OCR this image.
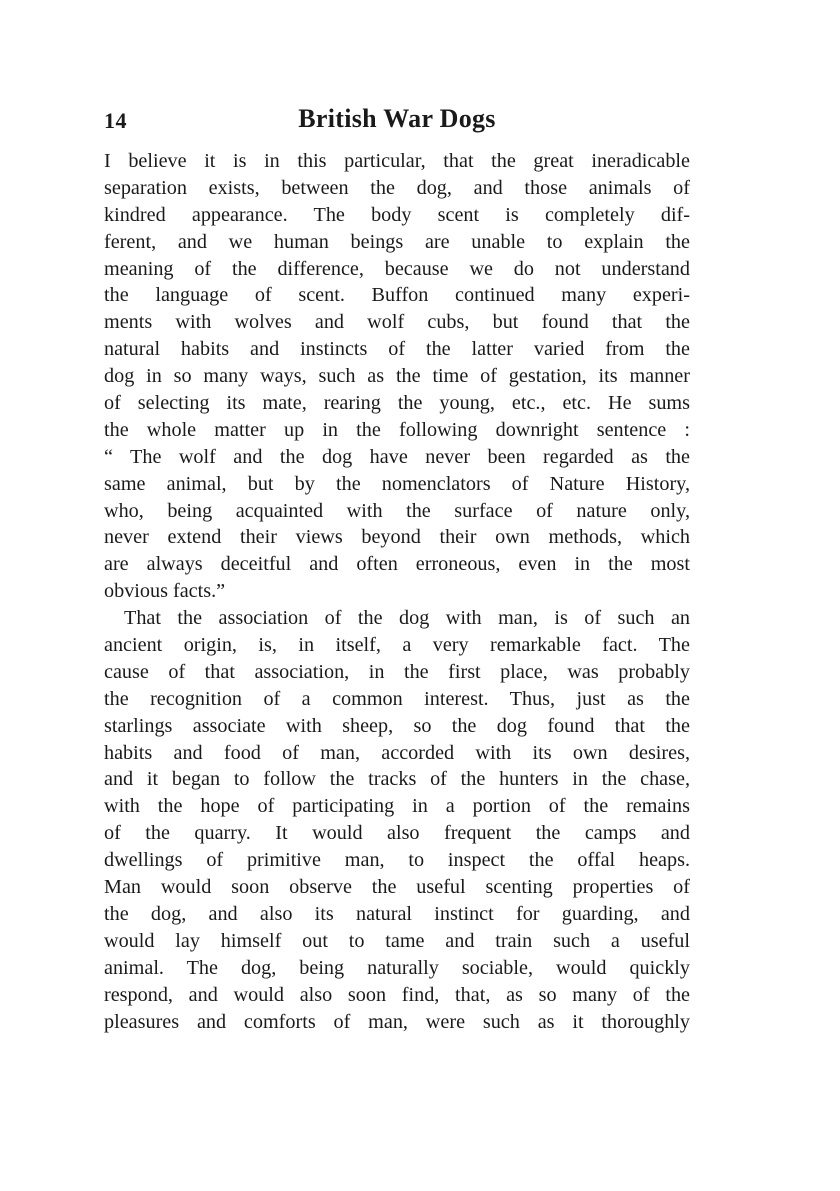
14	British War Dogs
I believe it is in this particular, that the great ineradicable
separation exists, between the dog, and those animals of
kindred appearance. The body scent is completely dif-
ferent, and we human beings are unable to explain the
meaning of the difference, because we do not understand
the language of scent. Buffon continued many experi-
ments with wolves and wolf cubs, but found that the
natural habits and instincts of the latter varied from the
dog in so many ways, such as the time of gestation, its manner
of selecting its mate, rearing the young, etc., etc. He sums
the whole matter up in the following downright sentence :
“ The wolf and the dog have never been regarded as the
same animal, but by the nomenclators of Nature History,
who, being acquainted with the surface of nature only,
never extend their views beyond their own methods, which
are always deceitful and often erroneous, even in the most
obvious facts.”
That the association of the dog with man, is of such an
ancient origin, is, in itself, a very remarkable fact. The
cause of that association, in the first place, was probably
the recognition of a common interest. Thus, just as the
starlings associate with sheep, so the dog found that the
habits and food of man, accorded with its own desires,
and it began to follow the tracks of the hunters in the chase,
with the hope of participating in a portion of the remains
of the quarry. It would also frequent the camps and
dwellings of primitive man, to inspect the offal heaps.
Man would soon observe the useful scenting properties of
the dog, and also its natural instinct for guarding, and
would lay himself out to tame and train such a useful
animal. The dog, being naturally sociable, would quickly
respond, and would also soon find, that, as so many of the
pleasures and comforts of man, were such as it thoroughly
